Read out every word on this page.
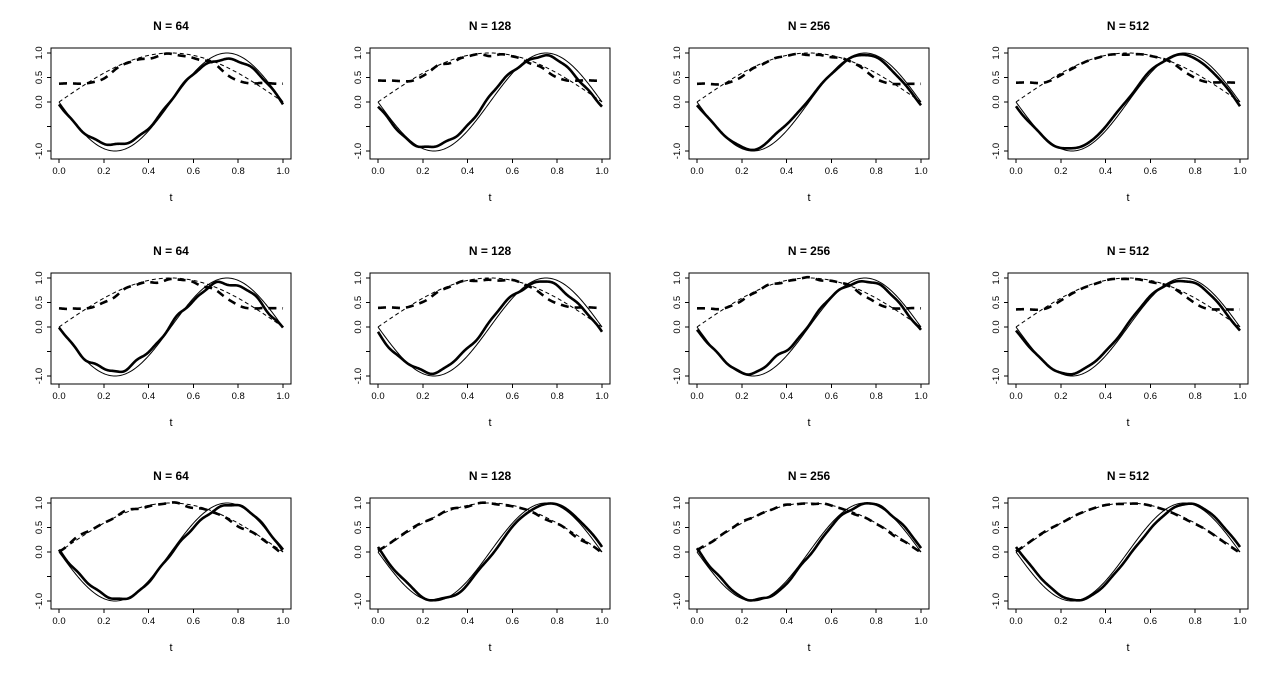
N = 64
0.0	0.2	0.4	0.6	0.8	1.0
t
1.0
0.5
0.0
-1.0
N = 128
0.0	0.2	0.4	0.6	0.8	1.0
t
1.0
0.5
0.0
-1.0
N = 256
0.0	0.2	0.4	0.6	0.8	1.0
t
1.0
0.5
0.0
-1.0
N = 512
0.0	0.2	0.4	0.6	0.8	1.0
t
1.0
0.5
0.0
-1.0
N = 64
0.0	0.2	0.4	0.6	0.8	1.0
t
1.0
0.5
0.0
-1.0
N = 128
0.0	0.2	0.4	0.6	0.8	1.0
t
1.0
0.5
0.0
-1.0
N = 256
0.0	0.2	0.4	0.6	0.8	1.0
t
1.0
0.5
0.0
-1.0
N = 512
0.0	0.2	0.4	0.6	0.8	1.0
t
1.0
0.5
0.0
-1.0
N = 64
0.0	0.2	0.4	0.6	0.8	1.0
t
1.0
0.5
0.0
-1.0
N = 128
0.0	0.2	0.4	0.6	0.8	1.0
t
1.0
0.5
0.0
-1.0
N = 256
0.0	0.2	0.4	0.6	0.8	1.0
t
1.0
0.5
0.0
-1.0
N = 512
0.0	0.2	0.4	0.6	0.8	1.0
t
1.0
0.5
0.0
-1.0
